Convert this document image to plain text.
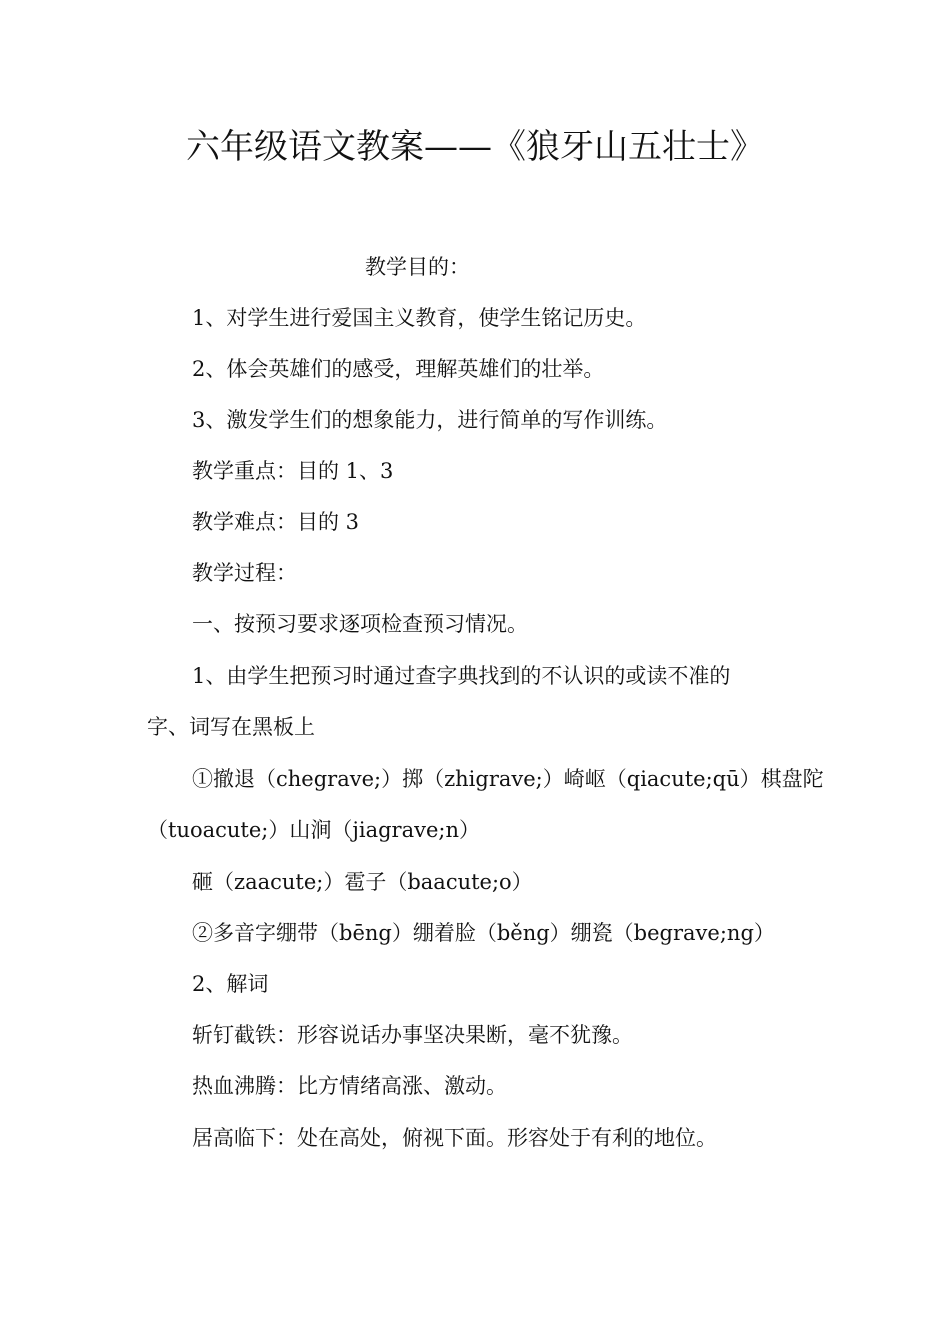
六年级语文教案——《狼牙山五壮士》
教学目的：
1、对学生进行爱国主义教育，使学生铭记历史。
2、体会英雄们的感受，理解英雄们的壮举。
3、激发学生们的想象能力，进行简单的写作训练。
教学重点：目的 1、3
教学难点：目的 3
教学过程：
一、按预习要求逐项检查预习情况。
1、由学生把预习时通过查字典找到的不认识的或读不准的
字、词写在黑板上
①撤退（chegrave;）掷（zhigrave;）崎岖（qiacute;qū）棋盘陀
（tuoacute;）山涧（jiagrave;n）
砸（zaacute;）雹子（baacute;o）
②多音字绷带（bēng）绷着脸（běng）绷瓷（begrave;ng）
2、解词
斩钉截铁：形容说话办事坚决果断，毫不犹豫。
热血沸腾：比方情绪高涨、激动。
居高临下：处在高处，俯视下面。形容处于有利的地位。
